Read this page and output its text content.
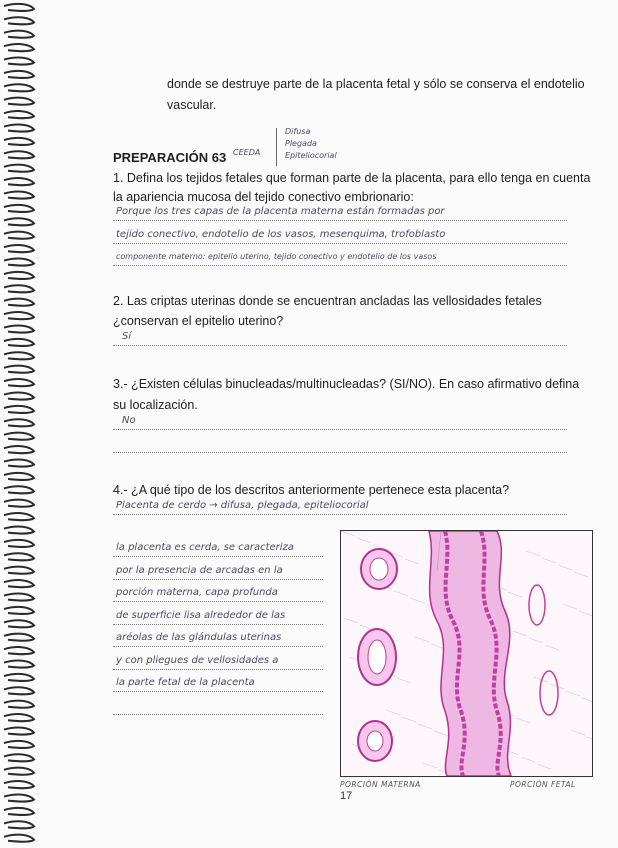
donde se destruye parte de la placenta fetal y sólo se conserva el endotelio

vascular.

PREPARACIÓN 63 CEEDA
Difusa
Plegada
Epiteliocorial

1. Defina los tejidos fetales que forman parte de la placenta, para ello tenga en cuenta

la apariencia mucosa del tejido conectivo embrionario:

Porque los tres capas de la placenta materna están formadas por
tejido conectivo, endotelio de los vasos, mesenquima, trofoblasto
componente materno: epitelio uterino, tejido conectivo y endotelio de los vasos

2. Las criptas uterinas donde se encuentran ancladas las vellosidades fetales

¿conservan el epitelio uterino?

Sí

3.- ¿Existen células binucleadas/multinucleadas? (SI/NO). En caso afirmativo defina

su localización.

No

4.- ¿A qué tipo de los descritos anteriormente pertenece esta placenta?

Placenta de cerdo → difusa, plegada, epiteliocorial
la placenta es cerda, se caracteriza
por la presencia de arcadas en la
porción materna, capa profunda
de superficie lisa alrededor de las
aréolas de las glándulas uterinas
y con pliegues de vellosidades a
la parte fetal de la placenta
PORCIÓN MATERNA	PORCIÓN FETAL
17
